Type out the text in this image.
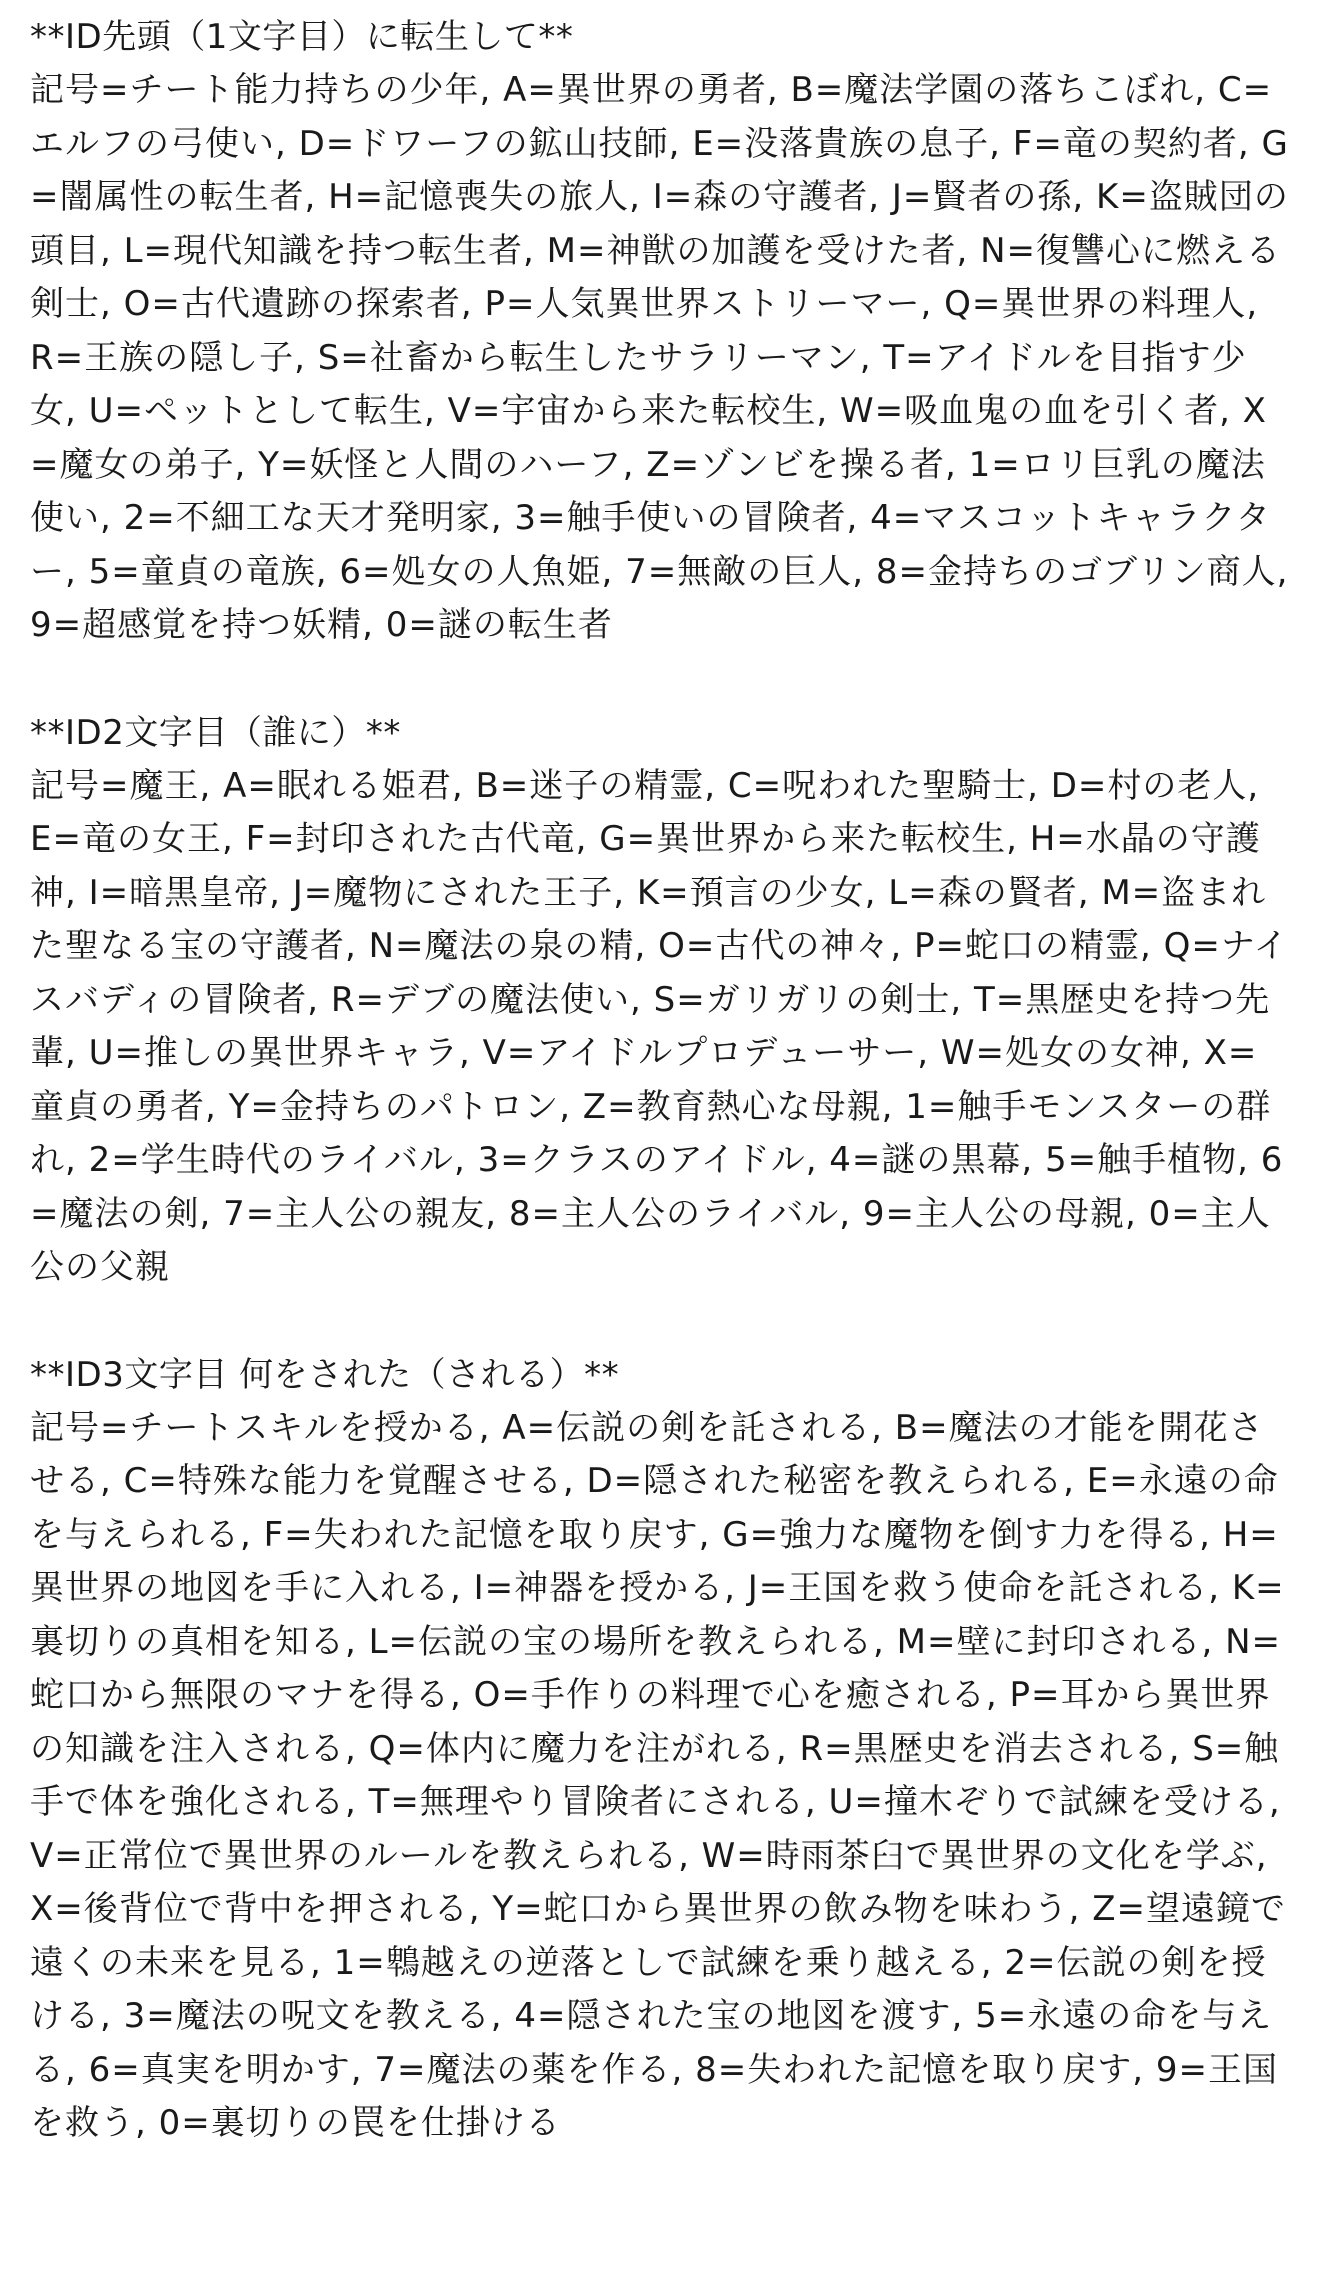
**ID先頭（1文字目）に転生して**
記号=チート能力持ちの少年, A=異世界の勇者, B=魔法学園の落ちこぼれ, C=エルフの弓使い, D=ドワーフの鉱山技師, E=没落貴族の息子, F=竜の契約者, G=闇属性の転生者, H=記憶喪失の旅人, I=森の守護者, J=賢者の孫, K=盗賊団の頭目, L=現代知識を持つ転生者, M=神獣の加護を受けた者, N=復讐心に燃える剣士, O=古代遺跡の探索者, P=人気異世界ストリーマー, Q=異世界の料理人, R=王族の隠し子, S=社畜から転生したサラリーマン, T=アイドルを目指す少女, U=ペットとして転生, V=宇宙から来た転校生, W=吸血鬼の血を引く者, X=魔女の弟子, Y=妖怪と人間のハーフ, Z=ゾンビを操る者, 1=ロリ巨乳の魔法使い, 2=不細工な天才発明家, 3=触手使いの冒険者, 4=マスコットキャラクター, 5=童貞の竜族, 6=処女の人魚姫, 7=無敵の巨人, 8=金持ちのゴブリン商人, 9=超感覚を持つ妖精, 0=謎の転生者
**ID2文字目（誰に）**
記号=魔王, A=眠れる姫君, B=迷子の精霊, C=呪われた聖騎士, D=村の老人, E=竜の女王, F=封印された古代竜, G=異世界から来た転校生, H=水晶の守護神, I=暗黒皇帝, J=魔物にされた王子, K=預言の少女, L=森の賢者, M=盗まれた聖なる宝の守護者, N=魔法の泉の精, O=古代の神々, P=蛇口の精霊, Q=ナイスバディの冒険者, R=デブの魔法使い, S=ガリガリの剣士, T=黒歴史を持つ先輩, U=推しの異世界キャラ, V=アイドルプロデューサー, W=処女の女神, X=童貞の勇者, Y=金持ちのパトロン, Z=教育熱心な母親, 1=触手モンスターの群れ, 2=学生時代のライバル, 3=クラスのアイドル, 4=謎の黒幕, 5=触手植物, 6=魔法の剣, 7=主人公の親友, 8=主人公のライバル, 9=主人公の母親, 0=主人公の父親
**ID3文字目 何をされた（される）**
記号=チートスキルを授かる, A=伝説の剣を託される, B=魔法の才能を開花させる, C=特殊な能力を覚醒させる, D=隠された秘密を教えられる, E=永遠の命を与えられる, F=失われた記憶を取り戻す, G=強力な魔物を倒す力を得る, H=異世界の地図を手に入れる, I=神器を授かる, J=王国を救う使命を託される, K=裏切りの真相を知る, L=伝説の宝の場所を教えられる, M=壁に封印される, N=蛇口から無限のマナを得る, O=手作りの料理で心を癒される, P=耳から異世界の知識を注入される, Q=体内に魔力を注がれる, R=黒歴史を消去される, S=触手で体を強化される, T=無理やり冒険者にされる, U=撞木ぞりで試練を受ける, V=正常位で異世界のルールを教えられる, W=時雨茶臼で異世界の文化を学ぶ, X=後背位で背中を押される, Y=蛇口から異世界の飲み物を味わう, Z=望遠鏡で遠くの未来を見る, 1=鵯越えの逆落としで試練を乗り越える, 2=伝説の剣を授ける, 3=魔法の呪文を教える, 4=隠された宝の地図を渡す, 5=永遠の命を与える, 6=真実を明かす, 7=魔法の薬を作る, 8=失われた記憶を取り戻す, 9=王国を救う, 0=裏切りの罠を仕掛ける
